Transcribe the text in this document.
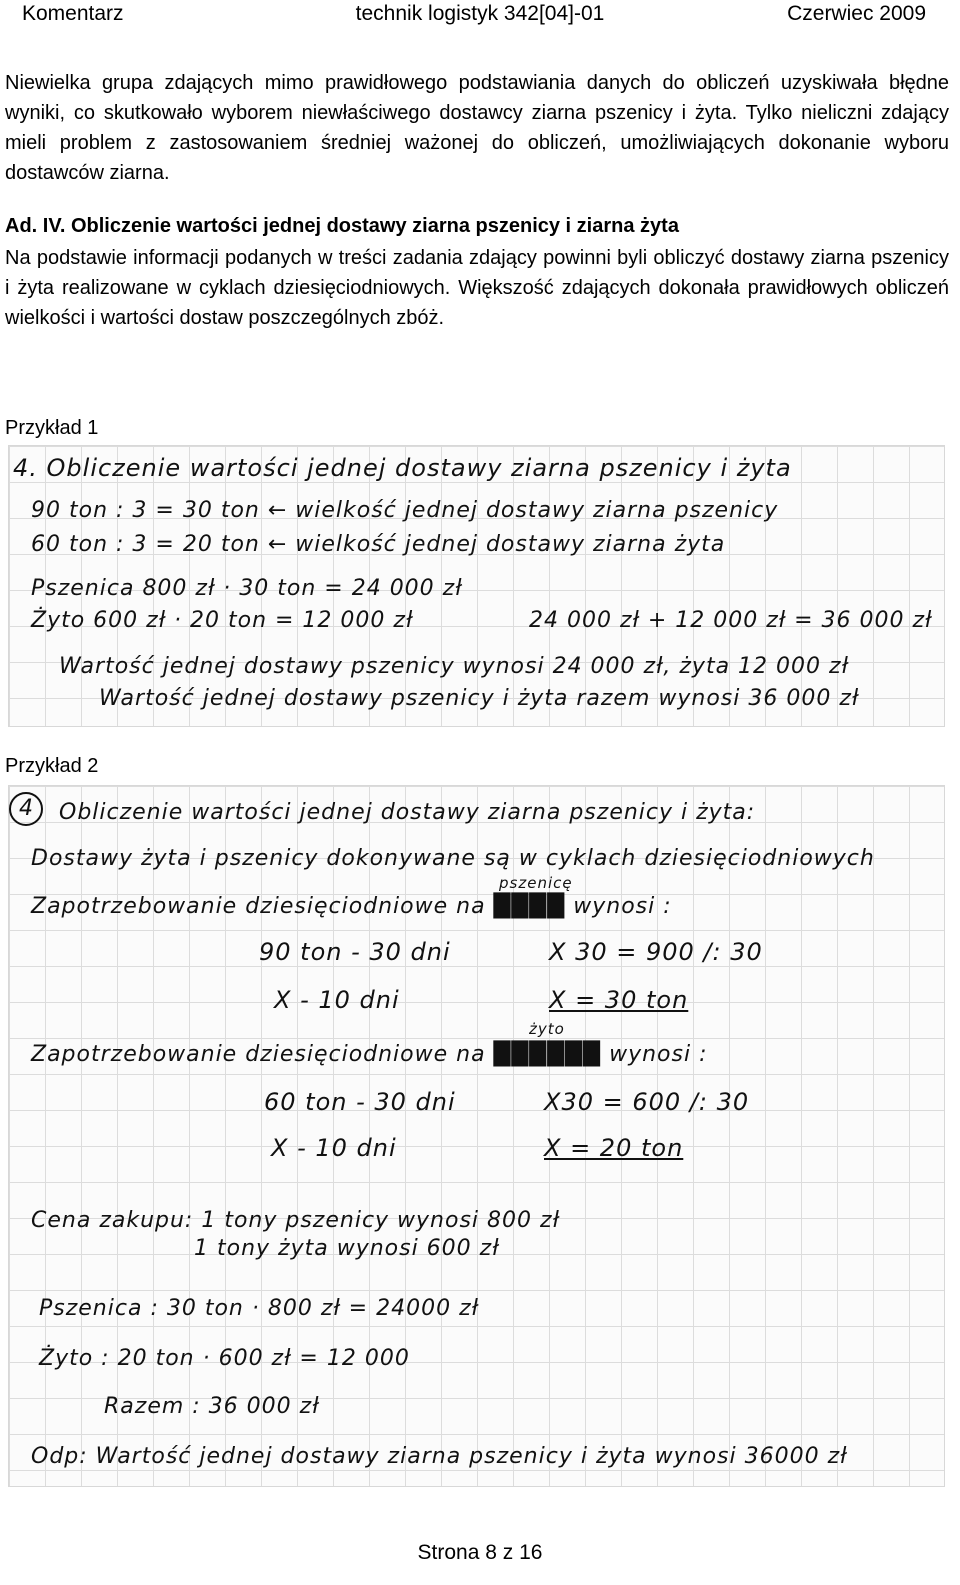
Komentarz	technik logistyk 342[04]-01	Czerwiec 2009

Niewielka grupa zdających mimo prawidłowego podstawiania danych do obliczeń uzyskiwała błędne wyniki, co skutkowało wyborem niewłaściwego dostawcy ziarna pszenicy i żyta. Tylko nieliczni zdający mieli problem z zastosowaniem średniej ważonej do obliczeń, umożliwiających dokonanie wyboru dostawców ziarna.

Ad. IV. Obliczenie wartości jednej dostawy ziarna pszenicy i ziarna żyta

Na podstawie informacji podanych w treści zadania zdający powinni byli obliczyć dostawy ziarna pszenicy i żyta realizowane w cyklach dziesięciodniowych. Większość zdających dokonała prawidłowych obliczeń wielkości i wartości dostaw poszczególnych zbóż.

Przykład 1

4. Obliczenie wartości jednej dostawy ziarna pszenicy i żyta
90 ton : 3 = 30 ton ← wielkość jednej dostawy ziarna pszenicy
60 ton : 3 = 20 ton ← wielkość jednej dostawy ziarna żyta
Pszenica 800 zł · 30 ton = 24 000 zł
Żyto 600 zł · 20 ton = 12 000 zł	24 000 zł + 12 000 zł = 36 000 zł
Wartość jednej dostawy pszenicy wynosi 24 000 zł, żyta 12 000 zł
Wartość jednej dostawy pszenicy i żyta razem wynosi 36 000 zł

Przykład 2

4 Obliczenie wartości jednej dostawy ziarna pszenicy i żyta:
Dostawy żyta i pszenicy dokonywane są w cyklach dziesięciodniowych
pszenicę
Zapotrzebowanie dziesięciodniowe na ████ wynosi :
90 ton - 30 dni	X 30 = 900 /: 30
X - 10 dni	X = 30 ton
żyto
Zapotrzebowanie dziesięciodniowe na ██████ wynosi :
60 ton - 30 dni	X30 = 600 /: 30
X - 10 dni	X = 20 ton
Cena zakupu: 1 tony pszenicy wynosi 800 zł
1 tony żyta wynosi 600 zł
Pszenica : 30 ton · 800 zł = 24000 zł
Żyto : 20 ton · 600 zł = 12 000
Razem : 36 000 zł
Odp: Wartość jednej dostawy ziarna pszenicy i żyta wynosi 36000 zł
Strona 8 z 16
